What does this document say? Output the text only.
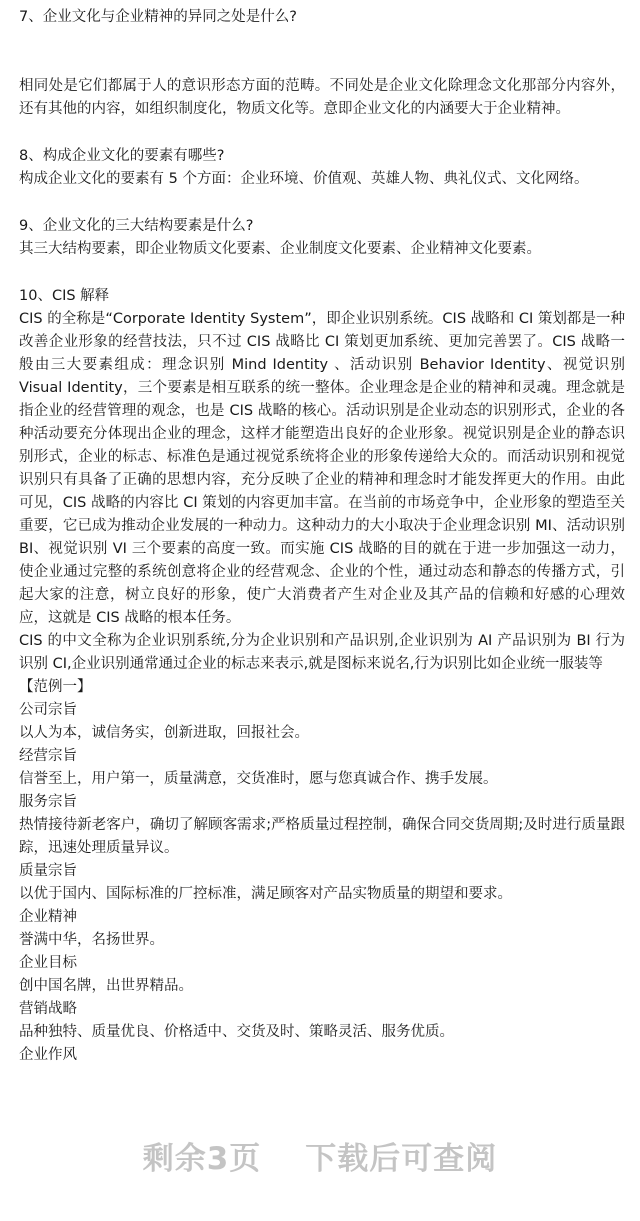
7、企业文化与企业精神的异同之处是什么?

相同处是它们都属于人的意识形态方面的范畴。不同处是企业文化除理念文化那部分内容外，还有其他的内容，如组织制度化，物质文化等。意即企业文化的内涵要大于企业精神。

8、构成企业文化的要素有哪些?

构成企业文化的要素有 5 个方面：企业环境、价值观、英雄人物、典礼仪式、文化网络。

9、企业文化的三大结构要素是什么?

其三大结构要素，即企业物质文化要素、企业制度文化要素、企业精神文化要素。

10、CIS 解释

CIS 的全称是“Corporate Identity System”，即企业识别系统。CIS 战略和 CI 策划都是一种改善企业形象的经营技法，只不过 CIS 战略比 CI 策划更加系统、更加完善罢了。CIS 战略一般由三大要素组成：理念识别 Mind Identity 、活动识别 Behavior Identity、视觉识别 Visual Identity，三个要素是相互联系的统一整体。企业理念是企业的精神和灵魂。理念就是指企业的经营管理的观念，也是 CIS 战略的核心。活动识别是企业动态的识别形式，企业的各种活动要充分体现出企业的理念，这样才能塑造出良好的企业形象。视觉识别是企业的静态识别形式，企业的标志、标准色是通过视觉系统将企业的形象传递给大众的。而活动识别和视觉识别只有具备了正确的思想内容，充分反映了企业的精神和理念时才能发挥更大的作用。由此可见，CIS 战略的内容比 CI 策划的内容更加丰富。在当前的市场竞争中，企业形象的塑造至关重要，它已成为推动企业发展的一种动力。这种动力的大小取决于企业理念识别 MI、活动识别 BI、视觉识别 VI 三个要素的高度一致。而实施 CIS 战略的目的就在于进一步加强这一动力，使企业通过完整的系统创意将企业的经营观念、企业的个性，通过动态和静态的传播方式，引起大家的注意，树立良好的形象，使广大消费者产生对企业及其产品的信赖和好感的心理效应，这就是 CIS 战略的根本任务。

CIS 的中文全称为企业识别系统,分为企业识别和产品识别,企业识别为 AI 产品识别为 BI 行为识别 CI,企业识别通常通过企业的标志来表示,就是图标来说名,行为识别比如企业统一服装等

【范例一】

公司宗旨

以人为本，诚信务实，创新进取，回报社会。

经营宗旨

信誉至上，用户第一，质量满意，交货准时，愿与您真诚合作、携手发展。

服务宗旨

热情接待新老客户，确切了解顾客需求;严格质量过程控制，确保合同交货周期;及时进行质量跟踪，迅速处理质量异议。

质量宗旨

以优于国内、国际标准的厂控标准，满足顾客对产品实物质量的期望和要求。

企业精神

誉满中华，名扬世界。

企业目标

创中国名牌，出世界精品。

营销战略

品种独特、质量优良、价格适中、交货及时、策略灵活、服务优质。

企业作风

剩余3页 下载后可查阅
